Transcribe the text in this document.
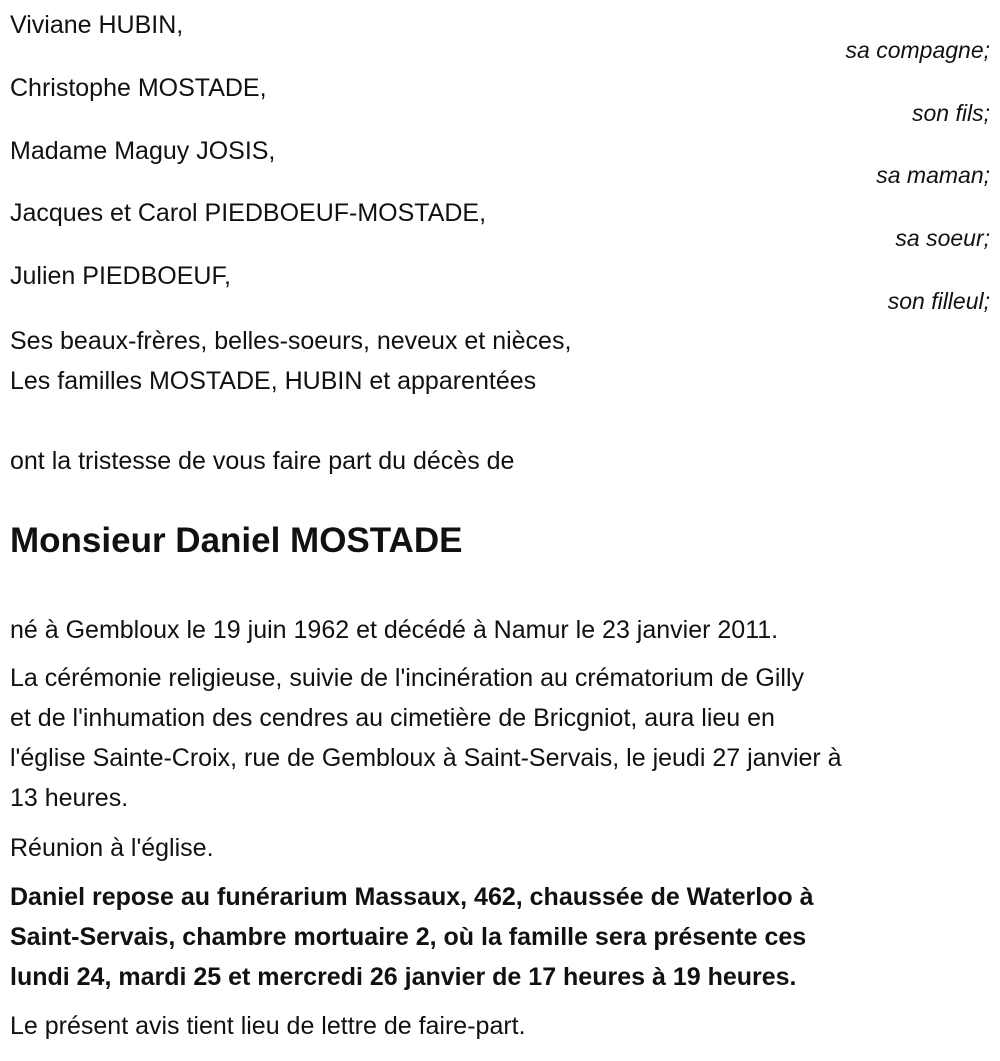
Viviane HUBIN,
sa compagne;
Christophe MOSTADE,
son fils;
Madame Maguy JOSIS,
sa maman;
Jacques et Carol PIEDBOEUF-MOSTADE,
sa soeur;
Julien PIEDBOEUF,
son filleul;
Ses beaux-frères, belles-soeurs, neveux et nièces,
Les familles MOSTADE, HUBIN et apparentées
ont la tristesse de vous faire part du décès de
Monsieur Daniel MOSTADE
né à Gembloux le 19 juin 1962 et décédé à Namur le 23 janvier 2011.
La cérémonie religieuse, suivie de l'incinération au crématorium de Gilly
et de l'inhumation des cendres au cimetière de Bricgniot, aura lieu en
l'église Sainte-Croix, rue de Gembloux à Saint-Servais, le jeudi 27 janvier à
13 heures.
Réunion à l'église.
Daniel repose au funérarium Massaux, 462, chaussée de Waterloo à
Saint-Servais, chambre mortuaire 2, où la famille sera présente ces
lundi 24, mardi 25 et mercredi 26 janvier de 17 heures à 19 heures.
Le présent avis tient lieu de lettre de faire-part.
